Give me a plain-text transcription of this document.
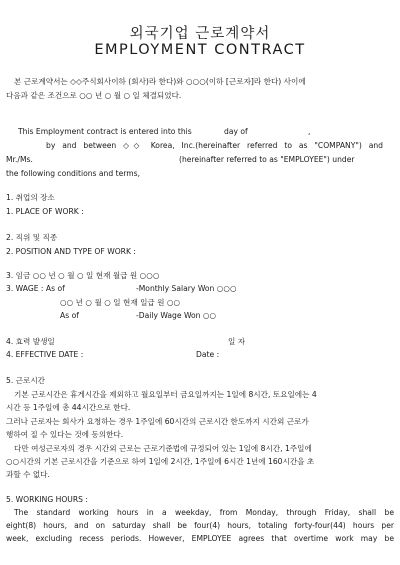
외국기업 근로계약서
EMPLOYMENT CONTRACT
본 근로계약서는 ◇◇주식회사이하 (회사)라 한다)와 ○○○(이하 [근로자]라 한다) 사이에
다음과 같은 조건으로 ○○ 년 ○ 월 ○ 일 체결되었다.
This Employment contract is entered into this	day of	,
by and between ◇◇ Korea, Inc.(hereinafter referred to as "COMPANY") and
Mr./Ms.	(hereinafter referred to as "EMPLOYEE") under
the following conditions and terms,
1. 취업의 장소
1. PLACE OF WORK :
2. 직위 및 직종
2. POSITION AND TYPE OF WORK :
3. 임금 ○○ 년 ○ 월 ○ 일 현재 월급 원 ○○○
3. WAGE : As of	-Monthly Salary Won ○○○
○○ 년 ○ 월 ○ 일 현재 일급 원 ○○
As of	-Daily Wage Won ○○
4. 효력 발생일	일 자
4. EFFECTIVE DATE :	Date :
5. 근로시간
기본 근로시간은 휴게시간을 제외하고 월요일부터 금요일까지는 1일에 8시간, 토요일에는 4
시간 등 1주일에 총 44시간으로 한다.
그러나 근로자는 회사가 요청하는 경우 1주일에 60시간의 근로시간 한도까지 시간외 근로가
행하여 질 수 있다는 것에 동의한다.
다만 여성근로자의 경우 시간외 근로는 근로기준법에 규정되어 있는 1일에 8시간, 1주일에
○○시간의 기본 근로시간을 기준으로 하여 1일에 2시간, 1주일에 6시간 1년에 160시간을 초
과할 수 없다.
5. WORKING HOURS :
The standard working hours in a weekday, from Monday, through Friday, shall be
eight(8) hours, and on saturday shall be four(4) hours, totaling forty-four(44) hours per
week, excluding recess periods. However, EMPLOYEE agrees that overtime work may be
